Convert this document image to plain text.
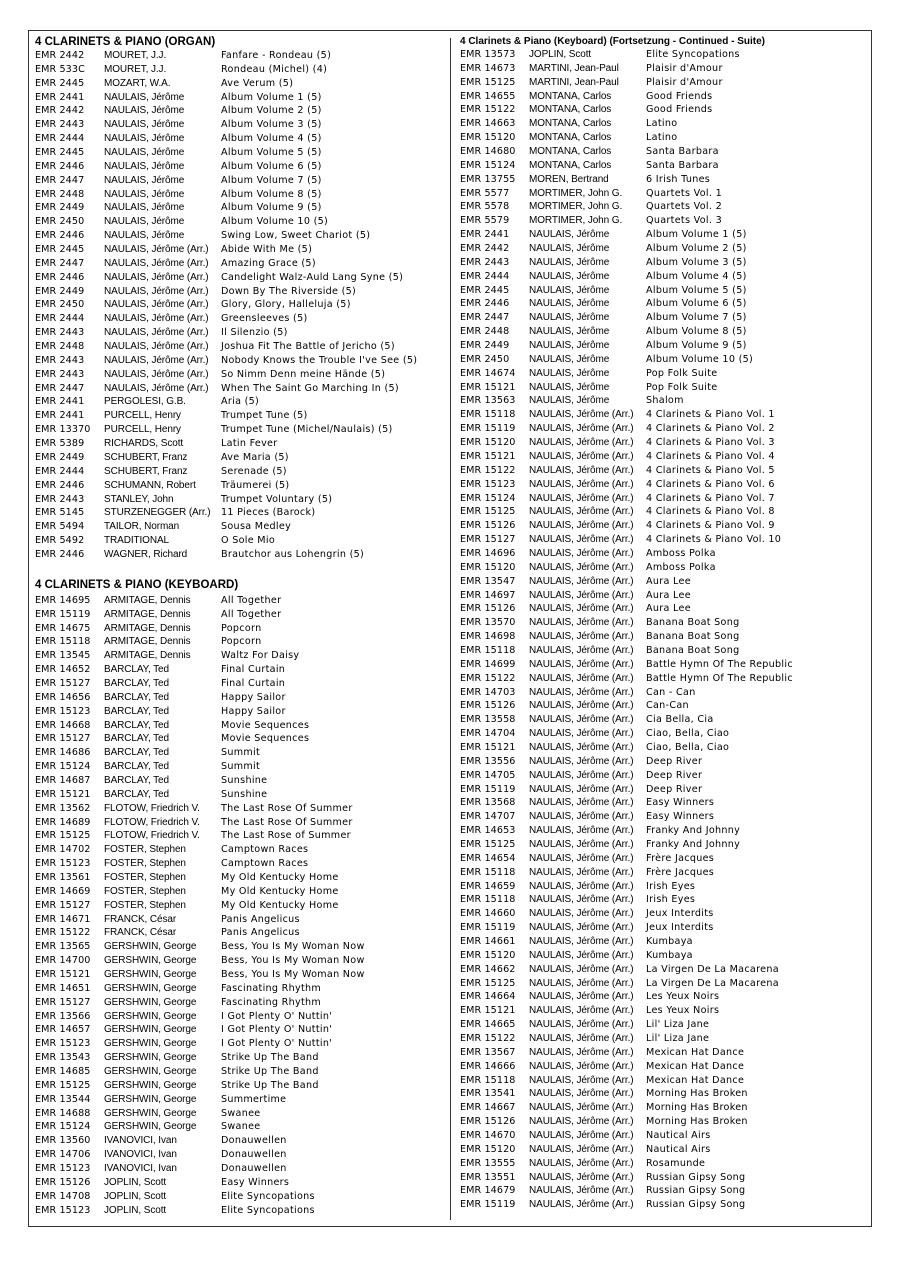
4 CLARINETS & PIANO (ORGAN)
EMR 2442 MOURET, J.J.	Fanfare - Rondeau (5)
EMR 533C MOURET, J.J.	Rondeau (Michel) (4)
EMR 2445 MOZART, W.A.	Ave Verum (5)
EMR 2441 NAULAIS, Jérôme	Album Volume 1 (5)
EMR 2442 NAULAIS, Jérôme	Album Volume 2 (5)
EMR 2443 NAULAIS, Jérôme	Album Volume 3 (5)
EMR 2444 NAULAIS, Jérôme	Album Volume 4 (5)
EMR 2445 NAULAIS, Jérôme	Album Volume 5 (5)
EMR 2446 NAULAIS, Jérôme	Album Volume 6 (5)
EMR 2447 NAULAIS, Jérôme	Album Volume 7 (5)
EMR 2448 NAULAIS, Jérôme	Album Volume 8 (5)
EMR 2449 NAULAIS, Jérôme	Album Volume 9 (5)
EMR 2450 NAULAIS, Jérôme	Album Volume 10 (5)
EMR 2446 NAULAIS, Jérôme	Swing Low, Sweet Chariot (5)
EMR 2445 NAULAIS, Jérôme (Arr.) Abide With Me (5)
EMR 2447 NAULAIS, Jérôme (Arr.) Amazing Grace (5)
EMR 2446 NAULAIS, Jérôme (Arr.) Candelight Walz-Auld Lang Syne (5)
EMR 2449 NAULAIS, Jérôme (Arr.) Down By The Riverside (5)
EMR 2450 NAULAIS, Jérôme (Arr.) Glory, Glory, Halleluja (5)
EMR 2444 NAULAIS, Jérôme (Arr.) Greensleeves (5)
EMR 2443 NAULAIS, Jérôme (Arr.) Il Silenzio (5)
EMR 2448 NAULAIS, Jérôme (Arr.) Joshua Fit The Battle of Jericho (5)
EMR 2443 NAULAIS, Jérôme (Arr.) Nobody Knows the Trouble I've See (5)
EMR 2443 NAULAIS, Jérôme (Arr.) So Nimm Denn meine Hände (5)
EMR 2447 NAULAIS, Jérôme (Arr.) When The Saint Go Marching In (5)
EMR 2441 PERGOLESI, G.B.	Aria (5)
EMR 2441 PURCELL, Henry	Trumpet Tune (5)
EMR 13370 PURCELL, Henry	Trumpet Tune (Michel/Naulais) (5)
EMR 5389 RICHARDS, Scott	Latin Fever
EMR 2449 SCHUBERT, Franz	Ave Maria (5)
EMR 2444 SCHUBERT, Franz	Serenade (5)
EMR 2446 SCHUMANN, Robert	Träumerei (5)
EMR 2443 STANLEY, John	Trumpet Voluntary (5)
EMR 5145 STURZENEGGER (Arr.) 11 Pieces (Barock)
EMR 5494 TAILOR, Norman	Sousa Medley
EMR 5492 TRADITIONAL	O Sole Mio
EMR 2446 WAGNER, Richard	Brautchor aus Lohengrin (5)
4 CLARINETS & PIANO (KEYBOARD)
EMR 14695 ARMITAGE, Dennis	All Together
EMR 15119 ARMITAGE, Dennis	All Together
EMR 14675 ARMITAGE, Dennis	Popcorn
EMR 15118 ARMITAGE, Dennis	Popcorn
EMR 13545 ARMITAGE, Dennis	Waltz For Daisy
EMR 14652 BARCLAY, Ted	Final Curtain
EMR 15127 BARCLAY, Ted	Final Curtain
EMR 14656 BARCLAY, Ted	Happy Sailor
EMR 15123 BARCLAY, Ted	Happy Sailor
EMR 14668 BARCLAY, Ted	Movie Sequences
EMR 15127 BARCLAY, Ted	Movie Sequences
EMR 14686 BARCLAY, Ted	Summit
EMR 15124 BARCLAY, Ted	Summit
EMR 14687 BARCLAY, Ted	Sunshine
EMR 15121 BARCLAY, Ted	Sunshine
EMR 13562 FLOTOW, Friedrich V. The Last Rose Of Summer
EMR 14689 FLOTOW, Friedrich V. The Last Rose Of Summer
EMR 15125 FLOTOW, Friedrich V. The Last Rose of Summer
EMR 14702 FOSTER, Stephen	Camptown Races
EMR 15123 FOSTER, Stephen	Camptown Races
EMR 13561 FOSTER, Stephen	My Old Kentucky Home
EMR 14669 FOSTER, Stephen	My Old Kentucky Home
EMR 15127 FOSTER, Stephen	My Old Kentucky Home
EMR 14671 FRANCK, César	Panis Angelicus
EMR 15122 FRANCK, César	Panis Angelicus
EMR 13565 GERSHWIN, George	Bess, You Is My Woman Now
EMR 14700 GERSHWIN, George	Bess, You Is My Woman Now
EMR 15121 GERSHWIN, George	Bess, You Is My Woman Now
EMR 14651 GERSHWIN, George	Fascinating Rhythm
EMR 15127 GERSHWIN, George	Fascinating Rhythm
EMR 13566 GERSHWIN, George	I Got Plenty O' Nuttin'
EMR 14657 GERSHWIN, George	I Got Plenty O' Nuttin'
EMR 15123 GERSHWIN, George	I Got Plenty O' Nuttin'
EMR 13543 GERSHWIN, George	Strike Up The Band
EMR 14685 GERSHWIN, George	Strike Up The Band
EMR 15125 GERSHWIN, George	Strike Up The Band
EMR 13544 GERSHWIN, George	Summertime
EMR 14688 GERSHWIN, George	Swanee
EMR 15124 GERSHWIN, George	Swanee
EMR 13560 IVANOVICI, Ivan	Donauwellen
EMR 14706 IVANOVICI, Ivan	Donauwellen
EMR 15123 IVANOVICI, Ivan	Donauwellen
EMR 15126 JOPLIN, Scott	Easy Winners
EMR 14708 JOPLIN, Scott	Elite Syncopations
EMR 15123 JOPLIN, Scott	Elite Syncopations
4 Clarinets & Piano (Keyboard) (Fortsetzung - Continued - Suite)
EMR 13573 JOPLIN, Scott	Elite Syncopations
EMR 14673 MARTINI, Jean-Paul	Plaisir d'Amour
EMR 15125 MARTINI, Jean-Paul	Plaisir d'Amour
EMR 14655 MONTANA, Carlos	Good Friends
EMR 15122 MONTANA, Carlos	Good Friends
EMR 14663 MONTANA, Carlos	Latino
EMR 15120 MONTANA, Carlos	Latino
EMR 14680 MONTANA, Carlos	Santa Barbara
EMR 15124 MONTANA, Carlos	Santa Barbara
EMR 13755 MOREN, Bertrand	6 Irish Tunes
EMR 5577 MORTIMER, John G. Quartets Vol. 1
EMR 5578 MORTIMER, John G. Quartets Vol. 2
EMR 5579 MORTIMER, John G. Quartets Vol. 3
EMR 2441 NAULAIS, Jérôme	Album Volume 1 (5)
EMR 2442 NAULAIS, Jérôme	Album Volume 2 (5)
EMR 2443 NAULAIS, Jérôme	Album Volume 3 (5)
EMR 2444 NAULAIS, Jérôme	Album Volume 4 (5)
EMR 2445 NAULAIS, Jérôme	Album Volume 5 (5)
EMR 2446 NAULAIS, Jérôme	Album Volume 6 (5)
EMR 2447 NAULAIS, Jérôme	Album Volume 7 (5)
EMR 2448 NAULAIS, Jérôme	Album Volume 8 (5)
EMR 2449 NAULAIS, Jérôme	Album Volume 9 (5)
EMR 2450 NAULAIS, Jérôme	Album Volume 10 (5)
EMR 14674 NAULAIS, Jérôme	Pop Folk Suite
EMR 15121 NAULAIS, Jérôme	Pop Folk Suite
EMR 13563 NAULAIS, Jérôme	Shalom
EMR 15118 NAULAIS, Jérôme (Arr.) 4 Clarinets & Piano Vol. 1
EMR 15119 NAULAIS, Jérôme (Arr.) 4 Clarinets & Piano Vol. 2
EMR 15120 NAULAIS, Jérôme (Arr.) 4 Clarinets & Piano Vol. 3
EMR 15121 NAULAIS, Jérôme (Arr.) 4 Clarinets & Piano Vol. 4
EMR 15122 NAULAIS, Jérôme (Arr.) 4 Clarinets & Piano Vol. 5
EMR 15123 NAULAIS, Jérôme (Arr.) 4 Clarinets & Piano Vol. 6
EMR 15124 NAULAIS, Jérôme (Arr.) 4 Clarinets & Piano Vol. 7
EMR 15125 NAULAIS, Jérôme (Arr.) 4 Clarinets & Piano Vol. 8
EMR 15126 NAULAIS, Jérôme (Arr.) 4 Clarinets & Piano Vol. 9
EMR 15127 NAULAIS, Jérôme (Arr.) 4 Clarinets & Piano Vol. 10
EMR 14696 NAULAIS, Jérôme (Arr.) Amboss Polka
EMR 15120 NAULAIS, Jérôme (Arr.) Amboss Polka
EMR 13547 NAULAIS, Jérôme (Arr.) Aura Lee
EMR 14697 NAULAIS, Jérôme (Arr.) Aura Lee
EMR 15126 NAULAIS, Jérôme (Arr.) Aura Lee
EMR 13570 NAULAIS, Jérôme (Arr.) Banana Boat Song
EMR 14698 NAULAIS, Jérôme (Arr.) Banana Boat Song
EMR 15118 NAULAIS, Jérôme (Arr.) Banana Boat Song
EMR 14699 NAULAIS, Jérôme (Arr.) Battle Hymn Of The Republic
EMR 15122 NAULAIS, Jérôme (Arr.) Battle Hymn Of The Republic
EMR 14703 NAULAIS, Jérôme (Arr.) Can - Can
EMR 15126 NAULAIS, Jérôme (Arr.) Can-Can
EMR 13558 NAULAIS, Jérôme (Arr.) Cia Bella, Cia
EMR 14704 NAULAIS, Jérôme (Arr.) Ciao, Bella, Ciao
EMR 15121 NAULAIS, Jérôme (Arr.) Ciao, Bella, Ciao
EMR 13556 NAULAIS, Jérôme (Arr.) Deep River
EMR 14705 NAULAIS, Jérôme (Arr.) Deep River
EMR 15119 NAULAIS, Jérôme (Arr.) Deep River
EMR 13568 NAULAIS, Jérôme (Arr.) Easy Winners
EMR 14707 NAULAIS, Jérôme (Arr.) Easy Winners
EMR 14653 NAULAIS, Jérôme (Arr.) Franky And Johnny
EMR 15125 NAULAIS, Jérôme (Arr.) Franky And Johnny
EMR 14654 NAULAIS, Jérôme (Arr.) Frère Jacques
EMR 15118 NAULAIS, Jérôme (Arr.) Frère Jacques
EMR 14659 NAULAIS, Jérôme (Arr.) Irish Eyes
EMR 15118 NAULAIS, Jérôme (Arr.) Irish Eyes
EMR 14660 NAULAIS, Jérôme (Arr.) Jeux Interdits
EMR 15119 NAULAIS, Jérôme (Arr.) Jeux Interdits
EMR 14661 NAULAIS, Jérôme (Arr.) Kumbaya
EMR 15120 NAULAIS, Jérôme (Arr.) Kumbaya
EMR 14662 NAULAIS, Jérôme (Arr.) La Virgen De La Macarena
EMR 15125 NAULAIS, Jérôme (Arr.) La Virgen De La Macarena
EMR 14664 NAULAIS, Jérôme (Arr.) Les Yeux Noirs
EMR 15121 NAULAIS, Jérôme (Arr.) Les Yeux Noirs
EMR 14665 NAULAIS, Jérôme (Arr.) Lil' Liza Jane
EMR 15122 NAULAIS, Jérôme (Arr.) Lil' Liza Jane
EMR 13567 NAULAIS, Jérôme (Arr.) Mexican Hat Dance
EMR 14666 NAULAIS, Jérôme (Arr.) Mexican Hat Dance
EMR 15118 NAULAIS, Jérôme (Arr.) Mexican Hat Dance
EMR 13541 NAULAIS, Jérôme (Arr.) Morning Has Broken
EMR 14667 NAULAIS, Jérôme (Arr.) Morning Has Broken
EMR 15126 NAULAIS, Jérôme (Arr.) Morning Has Broken
EMR 14670 NAULAIS, Jérôme (Arr.) Nautical Airs
EMR 15120 NAULAIS, Jérôme (Arr.) Nautical Airs
EMR 13555 NAULAIS, Jérôme (Arr.) Rosamunde
EMR 13551 NAULAIS, Jérôme (Arr.) Russian Gipsy Song
EMR 14679 NAULAIS, Jérôme (Arr.) Russian Gipsy Song
EMR 15119 NAULAIS, Jérôme (Arr.) Russian Gipsy Song
